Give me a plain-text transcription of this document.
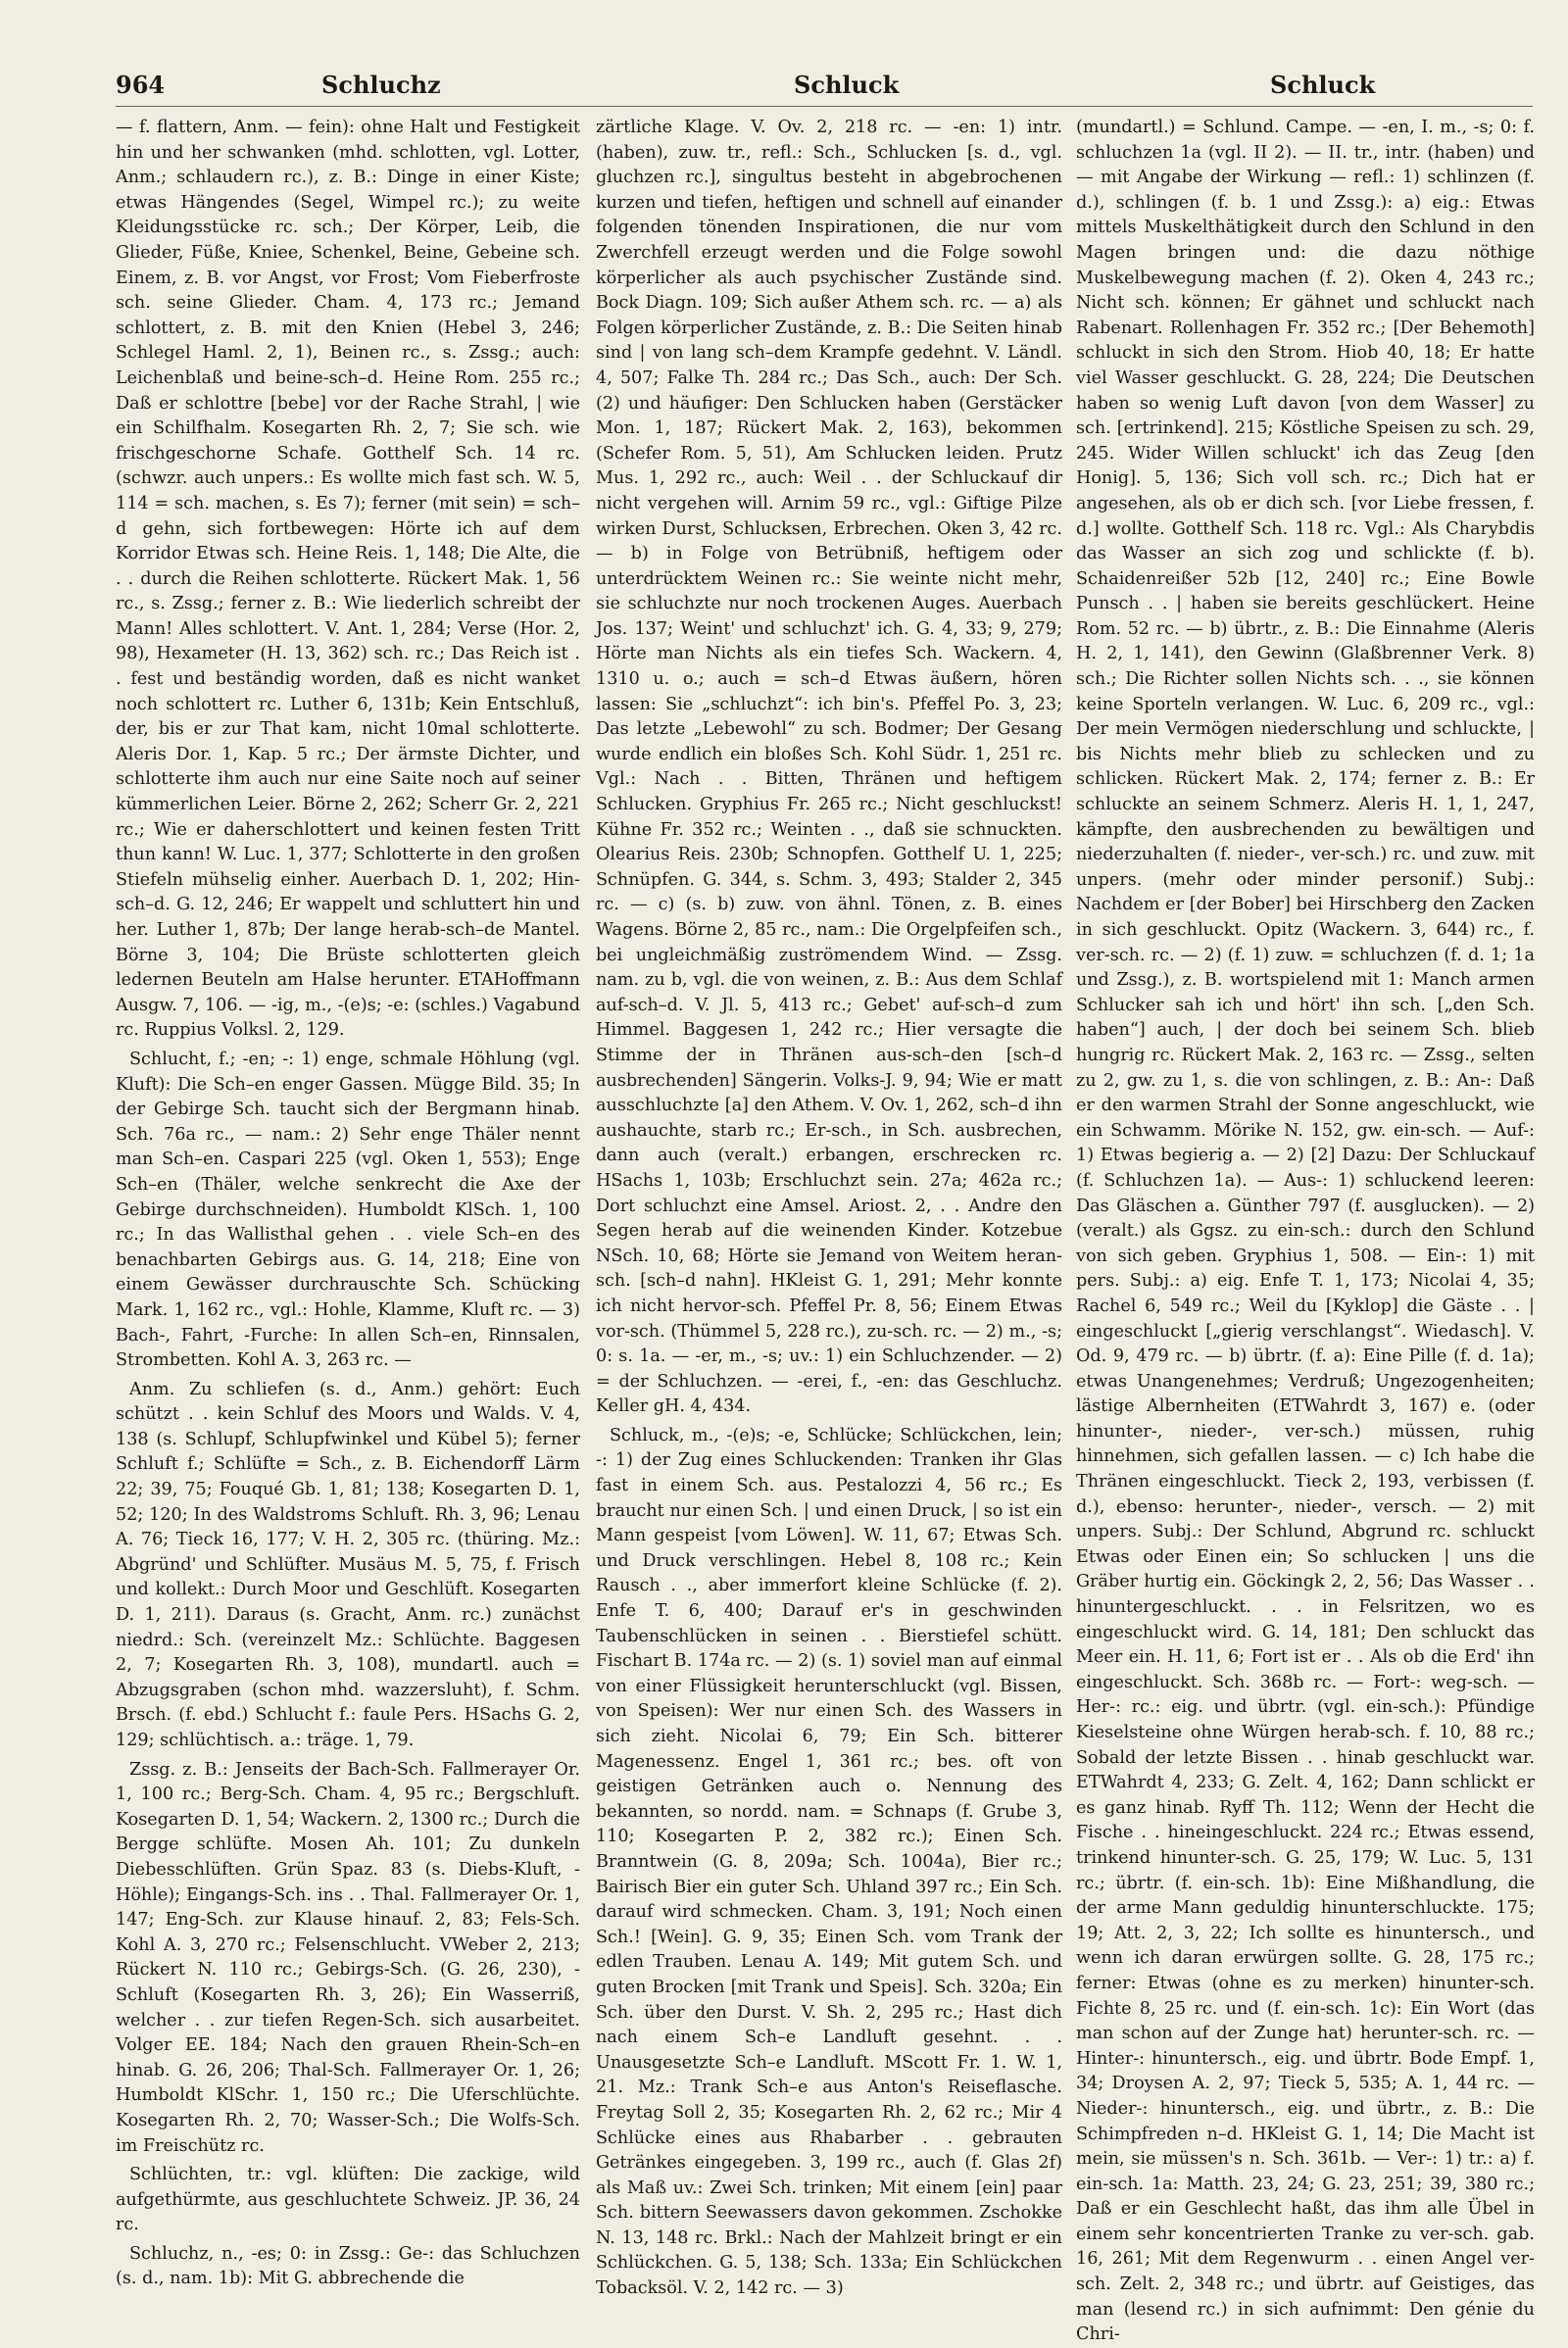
964	Schluchz	Schluck	Schluck

— f. flattern, Anm. — fein): ohne Halt und Festigkeit hin und her schwanken (mhd. schlotten, vgl. Lotter, Anm.; schlaudern rc.), z. B.: Dinge in einer Kiste; etwas Hängendes (Segel, Wimpel rc.); zu weite Kleidungsstücke rc. sch.; Der Körper, Leib, die Glieder, Füße, Kniee, Schenkel, Beine, Gebeine sch. Einem, z. B. vor Angst, vor Frost; Vom Fieberfroste sch. seine Glieder. Cham. 4, 173 rc.; Jemand schlottert, z. B. mit den Knien (Hebel 3, 246; Schlegel Haml. 2, 1), Beinen rc., s. Zssg.; auch: Leichenblaß und beine-sch–d. Heine Rom. 255 rc.; Daß er schlottre [bebe] vor der Rache Strahl, | wie ein Schilfhalm. Kosegarten Rh. 2, 7; Sie sch. wie frischgeschorne Schafe. Gotthelf Sch. 14 rc. (schwzr. auch unpers.: Es wollte mich fast sch. W. 5, 114 = sch. machen, s. Es 7); ferner (mit sein) = sch–d gehn, sich fortbewegen: Hörte ich auf dem Korridor Etwas sch. Heine Reis. 1, 148; Die Alte, die . . durch die Reihen schlotterte. Rückert Mak. 1, 56 rc., s. Zssg.; ferner z. B.: Wie liederlich schreibt der Mann! Alles schlottert. V. Ant. 1, 284; Verse (Hor. 2, 98), Hexameter (H. 13, 362) sch. rc.; Das Reich ist . . fest und beständig worden, daß es nicht wanket noch schlottert rc. Luther 6, 131b; Kein Entschluß, der, bis er zur That kam, nicht 10mal schlotterte. Aleris Dor. 1, Kap. 5 rc.; Der ärmste Dichter, und schlotterte ihm auch nur eine Saite noch auf seiner kümmerlichen Leier. Börne 2, 262; Scherr Gr. 2, 221 rc.; Wie er daherschlottert und keinen festen Tritt thun kann! W. Luc. 1, 377; Schlotterte in den großen Stiefeln mühselig einher. Auerbach D. 1, 202; Hin-sch–d. G. 12, 246; Er wappelt und schluttert hin und her. Luther 1, 87b; Der lange herab-sch–de Mantel. Börne 3, 104; Die Brüste schlotterten gleich ledernen Beuteln am Halse herunter. ETAHoffmann Ausgw. 7, 106. — -ig, m., -(e)s; -e: (schles.) Vagabund rc. Ruppius Volksl. 2, 129.

Schlucht, f.; -en; -: 1) enge, schmale Höhlung (vgl. Kluft): Die Sch–en enger Gassen. Mügge Bild. 35; In der Gebirge Sch. taucht sich der Bergmann hinab. Sch. 76a rc., — nam.: 2) Sehr enge Thäler nennt man Sch–en. Caspari 225 (vgl. Oken 1, 553); Enge Sch–en (Thäler, welche senkrecht die Axe der Gebirge durchschneiden). Humboldt KlSch. 1, 100 rc.; In das Wallisthal gehen . . viele Sch–en des benachbarten Gebirgs aus. G. 14, 218; Eine von einem Gewässer durchrauschte Sch. Schücking Mark. 1, 162 rc., vgl.: Hohle, Klamme, Kluft rc. — 3) Bach-, Fahrt, -Furche: In allen Sch–en, Rinnsalen, Strombetten. Kohl A. 3, 263 rc. —

Anm. Zu schliefen (s. d., Anm.) gehört: Euch schützt . . kein Schluf des Moors und Walds. V. 4, 138 (s. Schlupf, Schlupfwinkel und Kübel 5); ferner Schluft f.; Schlüfte = Sch., z. B. Eichendorff Lärm 22; 39, 75; Fouqué Gb. 1, 81; 138; Kosegarten D. 1, 52; 120; In des Waldstroms Schluft. Rh. 3, 96; Lenau A. 76; Tieck 16, 177; V. H. 2, 305 rc. (thüring. Mz.: Abgründ' und Schlüfter. Musäus M. 5, 75, f. Frisch und kollekt.: Durch Moor und Geschlüft. Kosegarten D. 1, 211). Daraus (s. Gracht, Anm. rc.) zunächst niedrd.: Sch. (vereinzelt Mz.: Schlüchte. Baggesen 2, 7; Kosegarten Rh. 3, 108), mundartl. auch = Abzugsgraben (schon mhd. wazzersluht), f. Schm. Brsch. (f. ebd.) Schlucht f.: faule Pers. HSachs G. 2, 129; schlüchtisch. a.: träge. 1, 79.

Zssg. z. B.: Jenseits der Bach-Sch. Fallmerayer Or. 1, 100 rc.; Berg-Sch. Cham. 4, 95 rc.; Bergschluft. Kosegarten D. 1, 54; Wackern. 2, 1300 rc.; Durch die Bergge schlüfte. Mosen Ah. 101; Zu dunkeln Diebesschlüften. Grün Spaz. 83 (s. Diebs-Kluft, -Höhle); Eingangs-Sch. ins . . Thal. Fallmerayer Or. 1, 147; Eng-Sch. zur Klause hinauf. 2, 83; Fels-Sch. Kohl A. 3, 270 rc.; Felsenschlucht. VWeber 2, 213; Rückert N. 110 rc.; Gebirgs-Sch. (G. 26, 230), -Schluft (Kosegarten Rh. 3, 26); Ein Wasserriß, welcher . . zur tiefen Regen-Sch. sich ausarbeitet. Volger EE. 184; Nach den grauen Rhein-Sch–en hinab. G. 26, 206; Thal-Sch. Fallmerayer Or. 1, 26; Humboldt KlSchr. 1, 150 rc.; Die Uferschlüchte. Kosegarten Rh. 2, 70; Wasser-Sch.; Die Wolfs-Sch. im Freischütz rc.

Schlüchten, tr.: vgl. klüften: Die zackige, wild aufgethürmte, aus geschluchtete Schweiz. JP. 36, 24 rc.

Schluchz, n., -es; 0: in Zssg.: Ge-: das Schluchzen (s. d., nam. 1b): Mit G. abbrechende die

zärtliche Klage. V. Ov. 2, 218 rc. — -en: 1) intr. (haben), zuw. tr., refl.: Sch., Schlucken [s. d., vgl. gluchzen rc.], singultus besteht in abgebrochenen kurzen und tiefen, heftigen und schnell auf einander folgenden tönenden Inspirationen, die nur vom Zwerchfell erzeugt werden und die Folge sowohl körperlicher als auch psychischer Zustände sind. Bock Diagn. 109; Sich außer Athem sch. rc. — a) als Folgen körperlicher Zustände, z. B.: Die Seiten hinab sind | von lang sch–dem Krampfe gedehnt. V. Ländl. 4, 507; Falke Th. 284 rc.; Das Sch., auch: Der Sch. (2) und häufiger: Den Schlucken haben (Gerstäcker Mon. 1, 187; Rückert Mak. 2, 163), bekommen (Schefer Rom. 5, 51), Am Schlucken leiden. Prutz Mus. 1, 292 rc., auch: Weil . . der Schluckauf dir nicht vergehen will. Arnim 59 rc., vgl.: Giftige Pilze wirken Durst, Schlucksen, Erbrechen. Oken 3, 42 rc. — b) in Folge von Betrübniß, heftigem oder unterdrücktem Weinen rc.: Sie weinte nicht mehr, sie schluchzte nur noch trockenen Auges. Auerbach Jos. 137; Weint' und schluchzt' ich. G. 4, 33; 9, 279; Hörte man Nichts als ein tiefes Sch. Wackern. 4, 1310 u. o.; auch = sch–d Etwas äußern, hören lassen: Sie „schluchzt“: ich bin's. Pfeffel Po. 3, 23; Das letzte „Lebewohl“ zu sch. Bodmer; Der Gesang wurde endlich ein bloßes Sch. Kohl Südr. 1, 251 rc. Vgl.: Nach . . Bitten, Thränen und heftigem Schlucken. Gryphius Fr. 265 rc.; Nicht geschluckst! Kühne Fr. 352 rc.; Weinten . ., daß sie schnuckten. Olearius Reis. 230b; Schnopfen. Gotthelf U. 1, 225; Schnüpfen. G. 344, s. Schm. 3, 493; Stalder 2, 345 rc. — c) (s. b) zuw. von ähnl. Tönen, z. B. eines Wagens. Börne 2, 85 rc., nam.: Die Orgelpfeifen sch., bei ungleichmäßig zuströmendem Wind. — Zssg. nam. zu b, vgl. die von weinen, z. B.: Aus dem Schlaf auf-sch–d. V. Jl. 5, 413 rc.; Gebet' auf-sch–d zum Himmel. Baggesen 1, 242 rc.; Hier versagte die Stimme der in Thränen aus-sch–den [sch–d ausbrechenden] Sängerin. Volks-J. 9, 94; Wie er matt ausschluchzte [a] den Athem. V. Ov. 1, 262, sch–d ihn aushauchte, starb rc.; Er-sch., in Sch. ausbrechen, dann auch (veralt.) erbangen, erschrecken rc. HSachs 1, 103b; Erschluchzt sein. 27a; 462a rc.; Dort schluchzt eine Amsel. Ariost. 2, . . Andre den Segen herab auf die weinenden Kinder. Kotzebue NSch. 10, 68; Hörte sie Jemand von Weitem heran-sch. [sch–d nahn]. HKleist G. 1, 291; Mehr konnte ich nicht hervor-sch. Pfeffel Pr. 8, 56; Einem Etwas vor-sch. (Thümmel 5, 228 rc.), zu-sch. rc. — 2) m., -s; 0: s. 1a. — -er, m., -s; uv.: 1) ein Schluchzender. — 2) = der Schluchzen. — -erei, f., -en: das Geschluchz. Keller gH. 4, 434.

Schluck, m., -(e)s; -e, Schlücke; Schlückchen, lein; -: 1) der Zug eines Schluckenden: Tranken ihr Glas fast in einem Sch. aus. Pestalozzi 4, 56 rc.; Es braucht nur einen Sch. | und einen Druck, | so ist ein Mann gespeist [vom Löwen]. W. 11, 67; Etwas Sch. und Druck verschlingen. Hebel 8, 108 rc.; Kein Rausch . ., aber immerfort kleine Schlücke (f. 2). Enfe T. 6, 400; Darauf er's in geschwinden Taubenschlücken in seinen . . Bierstiefel schütt. Fischart B. 174a rc. — 2) (s. 1) soviel man auf einmal von einer Flüssigkeit herunterschluckt (vgl. Bissen, von Speisen): Wer nur einen Sch. des Wassers in sich zieht. Nicolai 6, 79; Ein Sch. bitterer Magenessenz. Engel 1, 361 rc.; bes. oft von geistigen Getränken auch o. Nennung des bekannten, so nordd. nam. = Schnaps (f. Grube 3, 110; Kosegarten P. 2, 382 rc.); Einen Sch. Branntwein (G. 8, 209a; Sch. 1004a), Bier rc.; Bairisch Bier ein guter Sch. Uhland 397 rc.; Ein Sch. darauf wird schmecken. Cham. 3, 191; Noch einen Sch.! [Wein]. G. 9, 35; Einen Sch. vom Trank der edlen Trauben. Lenau A. 149; Mit gutem Sch. und guten Brocken [mit Trank und Speis]. Sch. 320a; Ein Sch. über den Durst. V. Sh. 2, 295 rc.; Hast dich nach einem Sch–e Landluft gesehnt. . . Unausgesetzte Sch–e Landluft. MScott Fr. 1. W. 1, 21. Mz.: Trank Sch–e aus Anton's Reiseflasche. Freytag Soll 2, 35; Kosegarten Rh. 2, 62 rc.; Mir 4 Schlücke eines aus Rhabarber . . gebrauten Getränkes eingegeben. 3, 199 rc., auch (f. Glas 2f) als Maß uv.: Zwei Sch. trinken; Mit einem [ein] paar Sch. bittern Seewassers davon gekommen. Zschokke N. 13, 148 rc. Brkl.: Nach der Mahlzeit bringt er ein Schlückchen. G. 5, 138; Sch. 133a; Ein Schlückchen Tobacksöl. V. 2, 142 rc. — 3)

(mundartl.) = Schlund. Campe. — -en, I. m., -s; 0: f. schluchzen 1a (vgl. II 2). — II. tr., intr. (haben) und — mit Angabe der Wirkung — refl.: 1) schlinzen (f. d.), schlingen (f. b. 1 und Zssg.): a) eig.: Etwas mittels Muskelthätigkeit durch den Schlund in den Magen bringen und: die dazu nöthige Muskelbewegung machen (f. 2). Oken 4, 243 rc.; Nicht sch. können; Er gähnet und schluckt nach Rabenart. Rollenhagen Fr. 352 rc.; [Der Behemoth] schluckt in sich den Strom. Hiob 40, 18; Er hatte viel Wasser geschluckt. G. 28, 224; Die Deutschen haben so wenig Luft davon [von dem Wasser] zu sch. [ertrinkend]. 215; Köstliche Speisen zu sch. 29, 245. Wider Willen schluckt' ich das Zeug [den Honig]. 5, 136; Sich voll sch. rc.; Dich hat er angesehen, als ob er dich sch. [vor Liebe fressen, f. d.] wollte. Gotthelf Sch. 118 rc. Vgl.: Als Charybdis das Wasser an sich zog und schlickte (f. b). Schaidenreißer 52b [12, 240] rc.; Eine Bowle Punsch . . | haben sie bereits geschlückert. Heine Rom. 52 rc. — b) übrtr., z. B.: Die Einnahme (Aleris H. 2, 1, 141), den Gewinn (Glaßbrenner Verk. 8) sch.; Die Richter sollen Nichts sch. . ., sie können keine Sporteln verlangen. W. Luc. 6, 209 rc., vgl.: Der mein Vermögen niederschlung und schluckte, | bis Nichts mehr blieb zu schlecken und zu schlicken. Rückert Mak. 2, 174; ferner z. B.: Er schluckte an seinem Schmerz. Aleris H. 1, 1, 247, kämpfte, den ausbrechenden zu bewältigen und niederzuhalten (f. nieder-, ver-sch.) rc. und zuw. mit unpers. (mehr oder minder personif.) Subj.: Nachdem er [der Bober] bei Hirschberg den Zacken in sich geschluckt. Opitz (Wackern. 3, 644) rc., f. ver-sch. rc. — 2) (f. 1) zuw. = schluchzen (f. d. 1; 1a und Zssg.), z. B. wortspielend mit 1: Manch armen Schlucker sah ich und hört' ihn sch. [„den Sch. haben“] auch, | der doch bei seinem Sch. blieb hungrig rc. Rückert Mak. 2, 163 rc. — Zssg., selten zu 2, gw. zu 1, s. die von schlingen, z. B.: An-: Daß er den warmen Strahl der Sonne angeschluckt, wie ein Schwamm. Mörike N. 152, gw. ein-sch. — Auf-: 1) Etwas begierig a. — 2) [2] Dazu: Der Schluckauf (f. Schluchzen 1a). — Aus-: 1) schluckend leeren: Das Gläschen a. Günther 797 (f. ausglucken). — 2) (veralt.) als Ggsz. zu ein-sch.: durch den Schlund von sich geben. Gryphius 1, 508. — Ein-: 1) mit pers. Subj.: a) eig. Enfe T. 1, 173; Nicolai 4, 35; Rachel 6, 549 rc.; Weil du [Kyklop] die Gäste . . | eingeschluckt [„gierig verschlangst“. Wiedasch]. V. Od. 9, 479 rc. — b) übrtr. (f. a): Eine Pille (f. d. 1a); etwas Unangenehmes; Verdruß; Ungezogenheiten; lästige Albernheiten (ETWahrdt 3, 167) e. (oder hinunter-, nieder-, ver-sch.) müssen, ruhig hinnehmen, sich gefallen lassen. — c) Ich habe die Thränen eingeschluckt. Tieck 2, 193, verbissen (f. d.), ebenso: herunter-, nieder-, versch. — 2) mit unpers. Subj.: Der Schlund, Abgrund rc. schluckt Etwas oder Einen ein; So schlucken | uns die Gräber hurtig ein. Göckingk 2, 2, 56; Das Wasser . . hinuntergeschluckt. . . in Felsritzen, wo es eingeschluckt wird. G. 14, 181; Den schluckt das Meer ein. H. 11, 6; Fort ist er . . Als ob die Erd' ihn eingeschluckt. Sch. 368b rc. — Fort-: weg-sch. — Her-: rc.: eig. und übrtr. (vgl. ein-sch.): Pfündige Kieselsteine ohne Würgen herab-sch. f. 10, 88 rc.; Sobald der letzte Bissen . . hinab geschluckt war. ETWahrdt 4, 233; G. Zelt. 4, 162; Dann schlickt er es ganz hinab. Ryff Th. 112; Wenn der Hecht die Fische . . hineingeschluckt. 224 rc.; Etwas essend, trinkend hinunter-sch. G. 25, 179; W. Luc. 5, 131 rc.; übrtr. (f. ein-sch. 1b): Eine Mißhandlung, die der arme Mann geduldig hinunterschluckte. 175; 19; Att. 2, 3, 22; Ich sollte es hinuntersch., und wenn ich daran erwürgen sollte. G. 28, 175 rc.; ferner: Etwas (ohne es zu merken) hinunter-sch. Fichte 8, 25 rc. und (f. ein-sch. 1c): Ein Wort (das man schon auf der Zunge hat) herunter-sch. rc. — Hinter-: hinuntersch., eig. und übrtr. Bode Empf. 1, 34; Droysen A. 2, 97; Tieck 5, 535; A. 1, 44 rc. — Nieder-: hinuntersch., eig. und übrtr., z. B.: Die Schimpfreden n–d. HKleist G. 1, 14; Die Macht ist mein, sie müssen's n. Sch. 361b. — Ver-: 1) tr.: a) f. ein-sch. 1a: Matth. 23, 24; G. 23, 251; 39, 380 rc.; Daß er ein Geschlecht haßt, das ihm alle Übel in einem sehr koncentrierten Tranke zu ver-sch. gab. 16, 261; Mit dem Regenwurm . . einen Angel ver-sch. Zelt. 2, 348 rc.; und übrtr. auf Geistiges, das man (lesend rc.) in sich aufnimmt: Den génie du Chri-
